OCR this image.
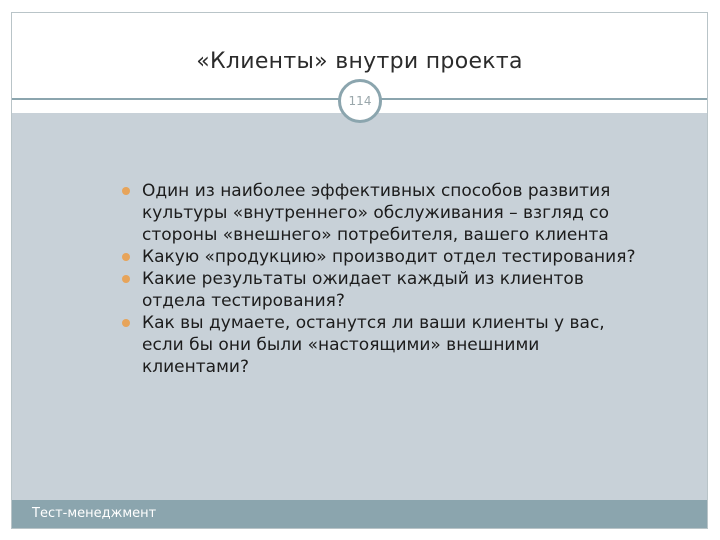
«Клиенты» внутри проекта
114
Один из наиболее эффективных способов развития культуры «внутреннего» обслуживания – взгляд со стороны «внешнего» потребителя, вашего клиента
Какую «продукцию» производит отдел тестирования?
Какие результаты ожидает каждый из клиентов отдела тестирования?
Как вы думаете, останутся ли ваши клиенты у вас, если бы они были «настоящими» внешними клиентами?
Тест-менеджмент
